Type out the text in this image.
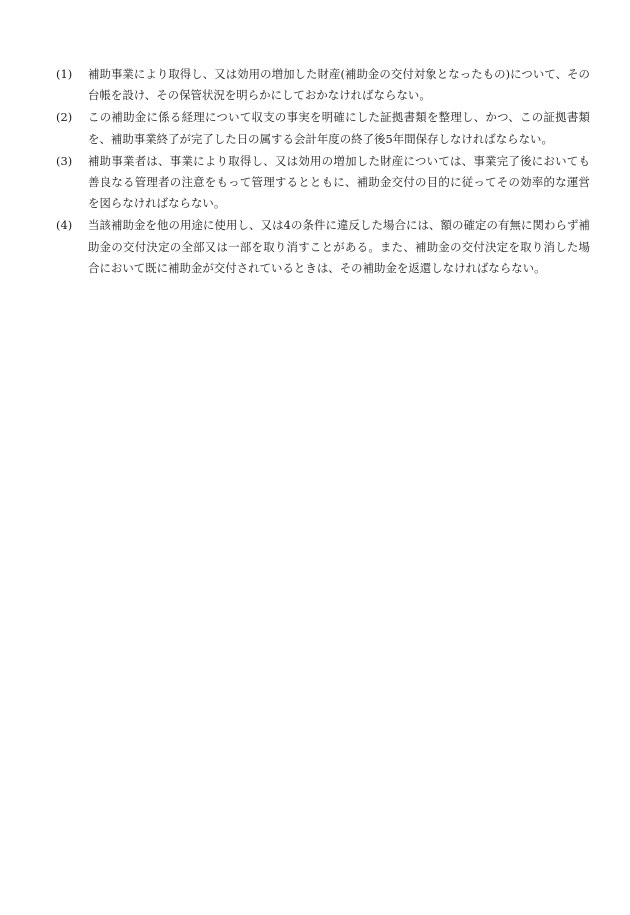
(1)	補助事業により取得し、又は効用の増加した財産(補助金の交付対象となったもの)について、その台帳を設け、その保管状況を明らかにしておかなければならない。
(2)	この補助金に係る経理について収支の事実を明確にした証拠書類を整理し、かつ、この証拠書類を、補助事業終了が完了した日の属する会計年度の終了後5年間保存しなければならない。
(3)	補助事業者は、事業により取得し、又は効用の増加した財産については、事業完了後においても善良なる管理者の注意をもって管理するとともに、補助金交付の目的に従ってその効率的な運営を図らなければならない。
(4)	当該補助金を他の用途に使用し、又は4の条件に違反した場合には、額の確定の有無に関わらず補助金の交付決定の全部又は一部を取り消すことがある。また、補助金の交付決定を取り消した場合において既に補助金が交付されているときは、その補助金を返還しなければならない。
